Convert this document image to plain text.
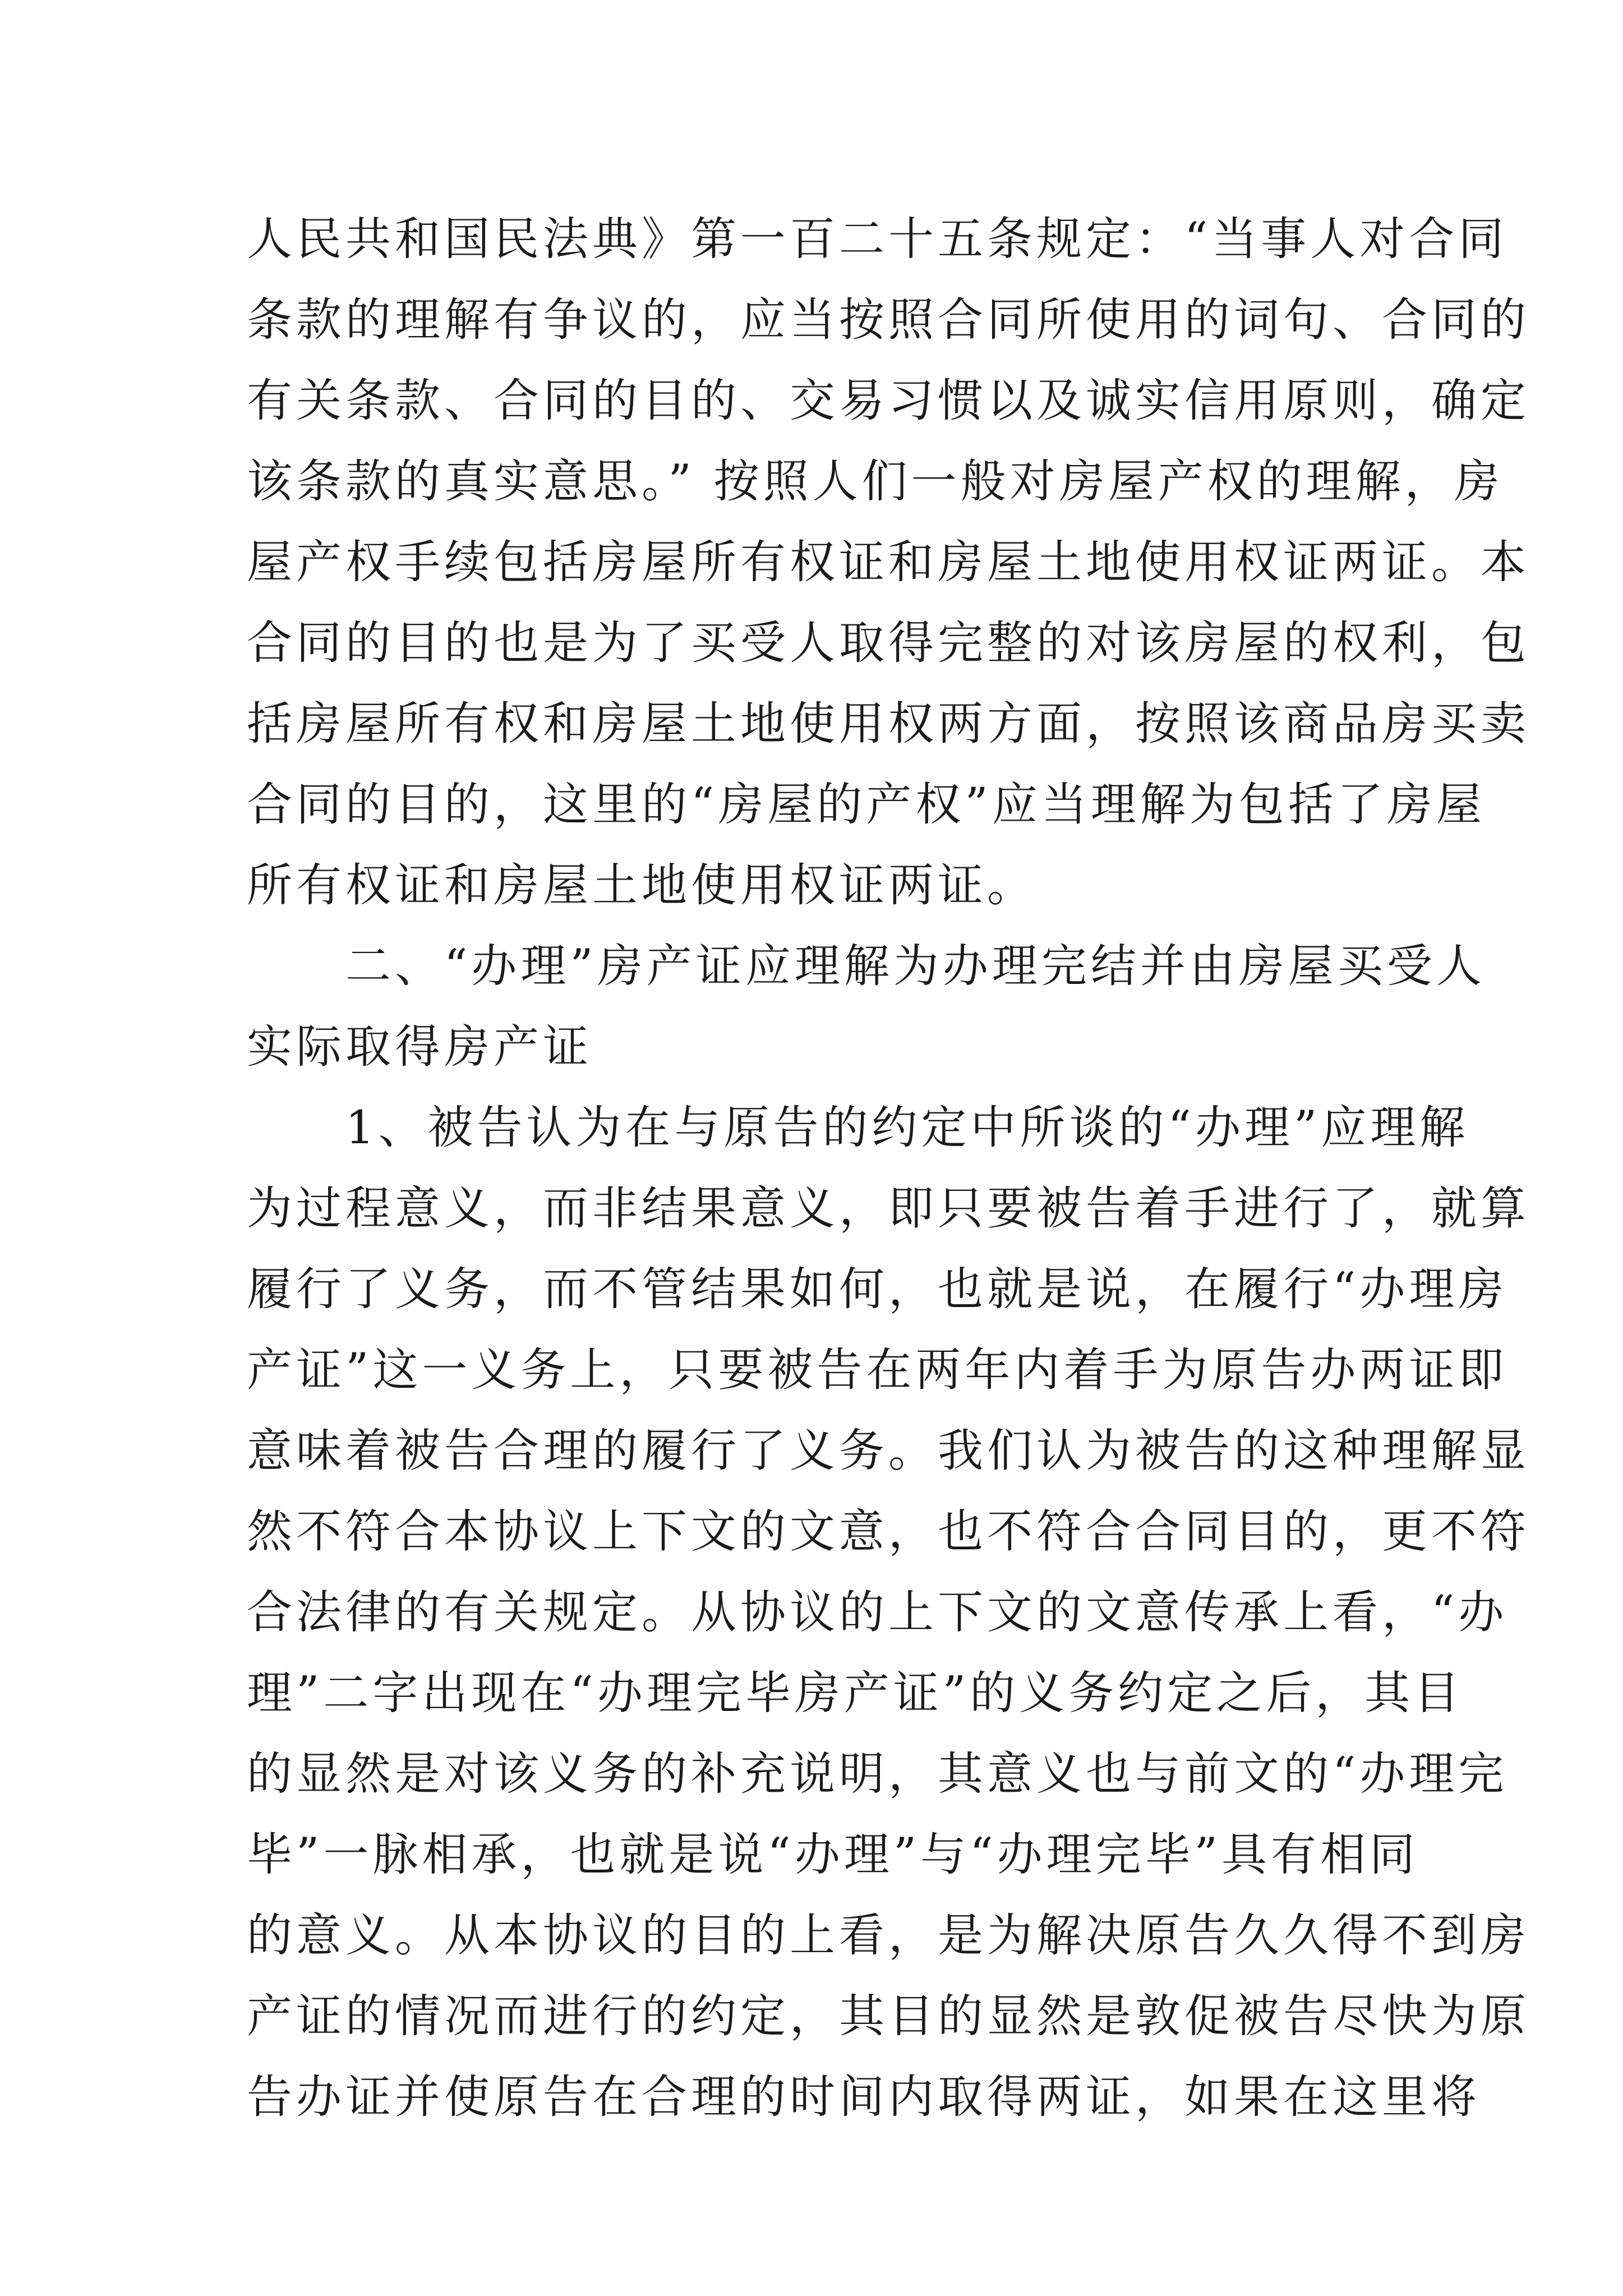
人民共和国民法典》第一百二十五条规定：“当事人对合同
条款的理解有争议的，应当按照合同所使用的词句、合同的
有关条款、合同的目的、交易习惯以及诚实信用原则，确定
该条款的真实意思。” 按照人们一般对房屋产权的理解，房
屋产权手续包括房屋所有权证和房屋土地使用权证两证。本
合同的目的也是为了买受人取得完整的对该房屋的权利，包
括房屋所有权和房屋土地使用权两方面，按照该商品房买卖
合同的目的，这里的“房屋的产权”应当理解为包括了房屋
所有权证和房屋土地使用权证两证。
　　二、“办理”房产证应理解为办理完结并由房屋买受人
实际取得房产证
　　1、被告认为在与原告的约定中所谈的“办理”应理解
为过程意义，而非结果意义，即只要被告着手进行了，就算
履行了义务，而不管结果如何，也就是说，在履行“办理房
产证”这一义务上，只要被告在两年内着手为原告办两证即
意味着被告合理的履行了义务。我们认为被告的这种理解显
然不符合本协议上下文的文意，也不符合合同目的，更不符
合法律的有关规定。从协议的上下文的文意传承上看，“办
理”二字出现在“办理完毕房产证”的义务约定之后，其目
的显然是对该义务的补充说明，其意义也与前文的“办理完
毕”一脉相承，也就是说“办理”与“办理完毕”具有相同
的意义。从本协议的目的上看，是为解决原告久久得不到房
产证的情况而进行的约定，其目的显然是敦促被告尽快为原
告办证并使原告在合理的时间内取得两证，如果在这里将
